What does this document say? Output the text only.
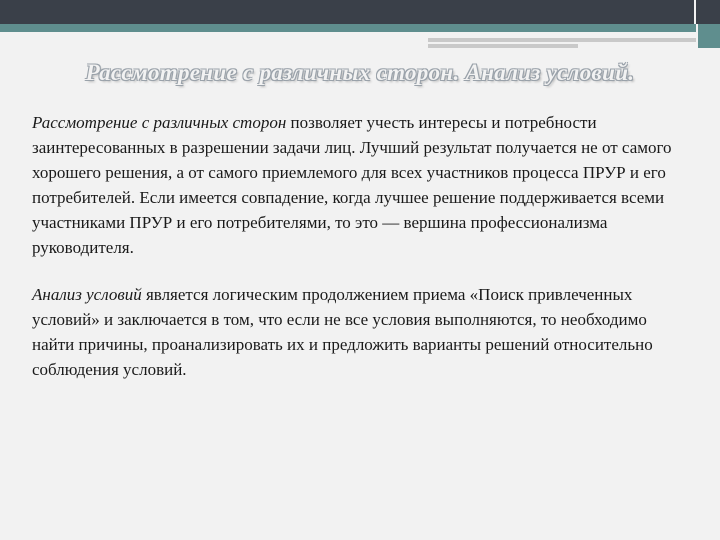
Рассмотрение с различных сторон. Анализ условий.

Рассмотрение с различных сторон позволяет учесть интересы и потребности заинтересованных в разрешении задачи лиц. Лучший результат получается не от самого хорошего решения, а от самого приемлемого для всех участников процесса ПРУР и его потребителей. Если имеется совпадение, когда лучшее решение поддерживается всеми участниками ПРУР и его потребителями, то это — вершина профессионализма руководителя.

Анализ условий является логическим продолжением приема «Поиск привлеченных условий» и заключается в том, что если не все условия выполняются, то необходимо найти причины, проанализировать их и предложить варианты решений относительно соблюдения условий.
